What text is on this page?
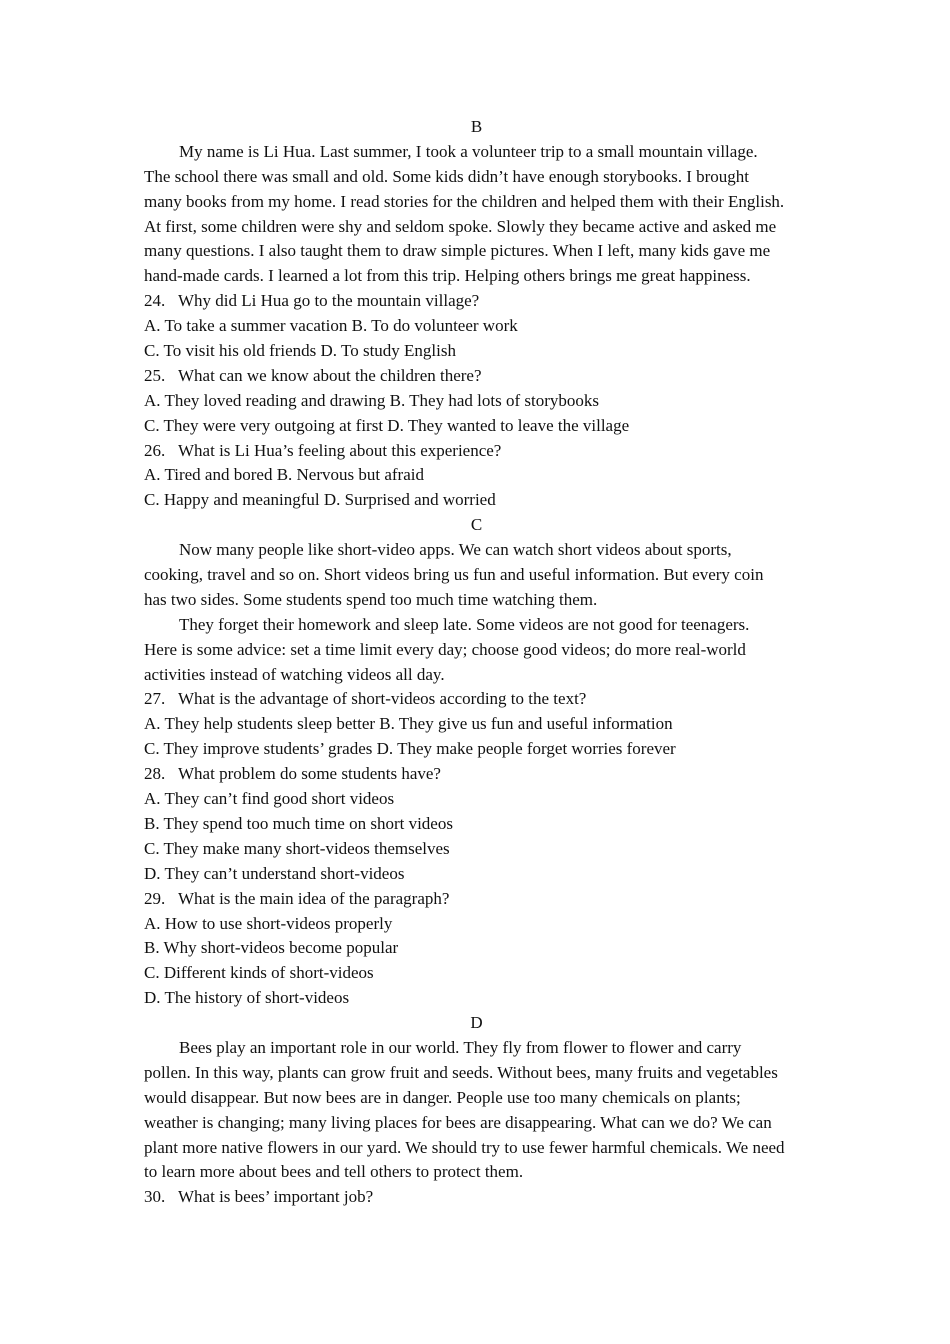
B
My name is Li Hua. Last summer, I took a volunteer trip to a small mountain village.
The school there was small and old. Some kids didn’t have enough storybooks. I brought
many books from my home. I read stories for the children and helped them with their English.
At first, some children were shy and seldom spoke. Slowly they became active and asked me
many questions. I also taught them to draw simple pictures. When I left, many kids gave me
hand-made cards. I learned a lot from this trip. Helping others brings me great happiness.
24. Why did Li Hua go to the mountain village?
A. To take a summer vacation B. To do volunteer work
C. To visit his old friends D. To study English
25. What can we know about the children there?
A. They loved reading and drawing B. They had lots of storybooks
C. They were very outgoing at first D. They wanted to leave the village
26. What is Li Hua’s feeling about this experience?
A. Tired and bored B. Nervous but afraid
C. Happy and meaningful D. Surprised and worried
C
Now many people like short-video apps. We can watch short videos about sports,
cooking, travel and so on. Short videos bring us fun and useful information. But every coin
has two sides. Some students spend too much time watching them.
They forget their homework and sleep late. Some videos are not good for teenagers.
Here is some advice: set a time limit every day; choose good videos; do more real-world
activities instead of watching videos all day.
27. What is the advantage of short-videos according to the text?
A. They help students sleep better B. They give us fun and useful information
C. They improve students’ grades D. They make people forget worries forever
28. What problem do some students have?
A. They can’t find good short videos
B. They spend too much time on short videos
C. They make many short-videos themselves
D. They can’t understand short-videos
29. What is the main idea of the paragraph?
A. How to use short-videos properly
B. Why short-videos become popular
C. Different kinds of short-videos
D. The history of short-videos
D
Bees play an important role in our world. They fly from flower to flower and carry
pollen. In this way, plants can grow fruit and seeds. Without bees, many fruits and vegetables
would disappear. But now bees are in danger. People use too many chemicals on plants;
weather is changing; many living places for bees are disappearing. What can we do? We can
plant more native flowers in our yard. We should try to use fewer harmful chemicals. We need
to learn more about bees and tell others to protect them.
30. What is bees’ important job?
